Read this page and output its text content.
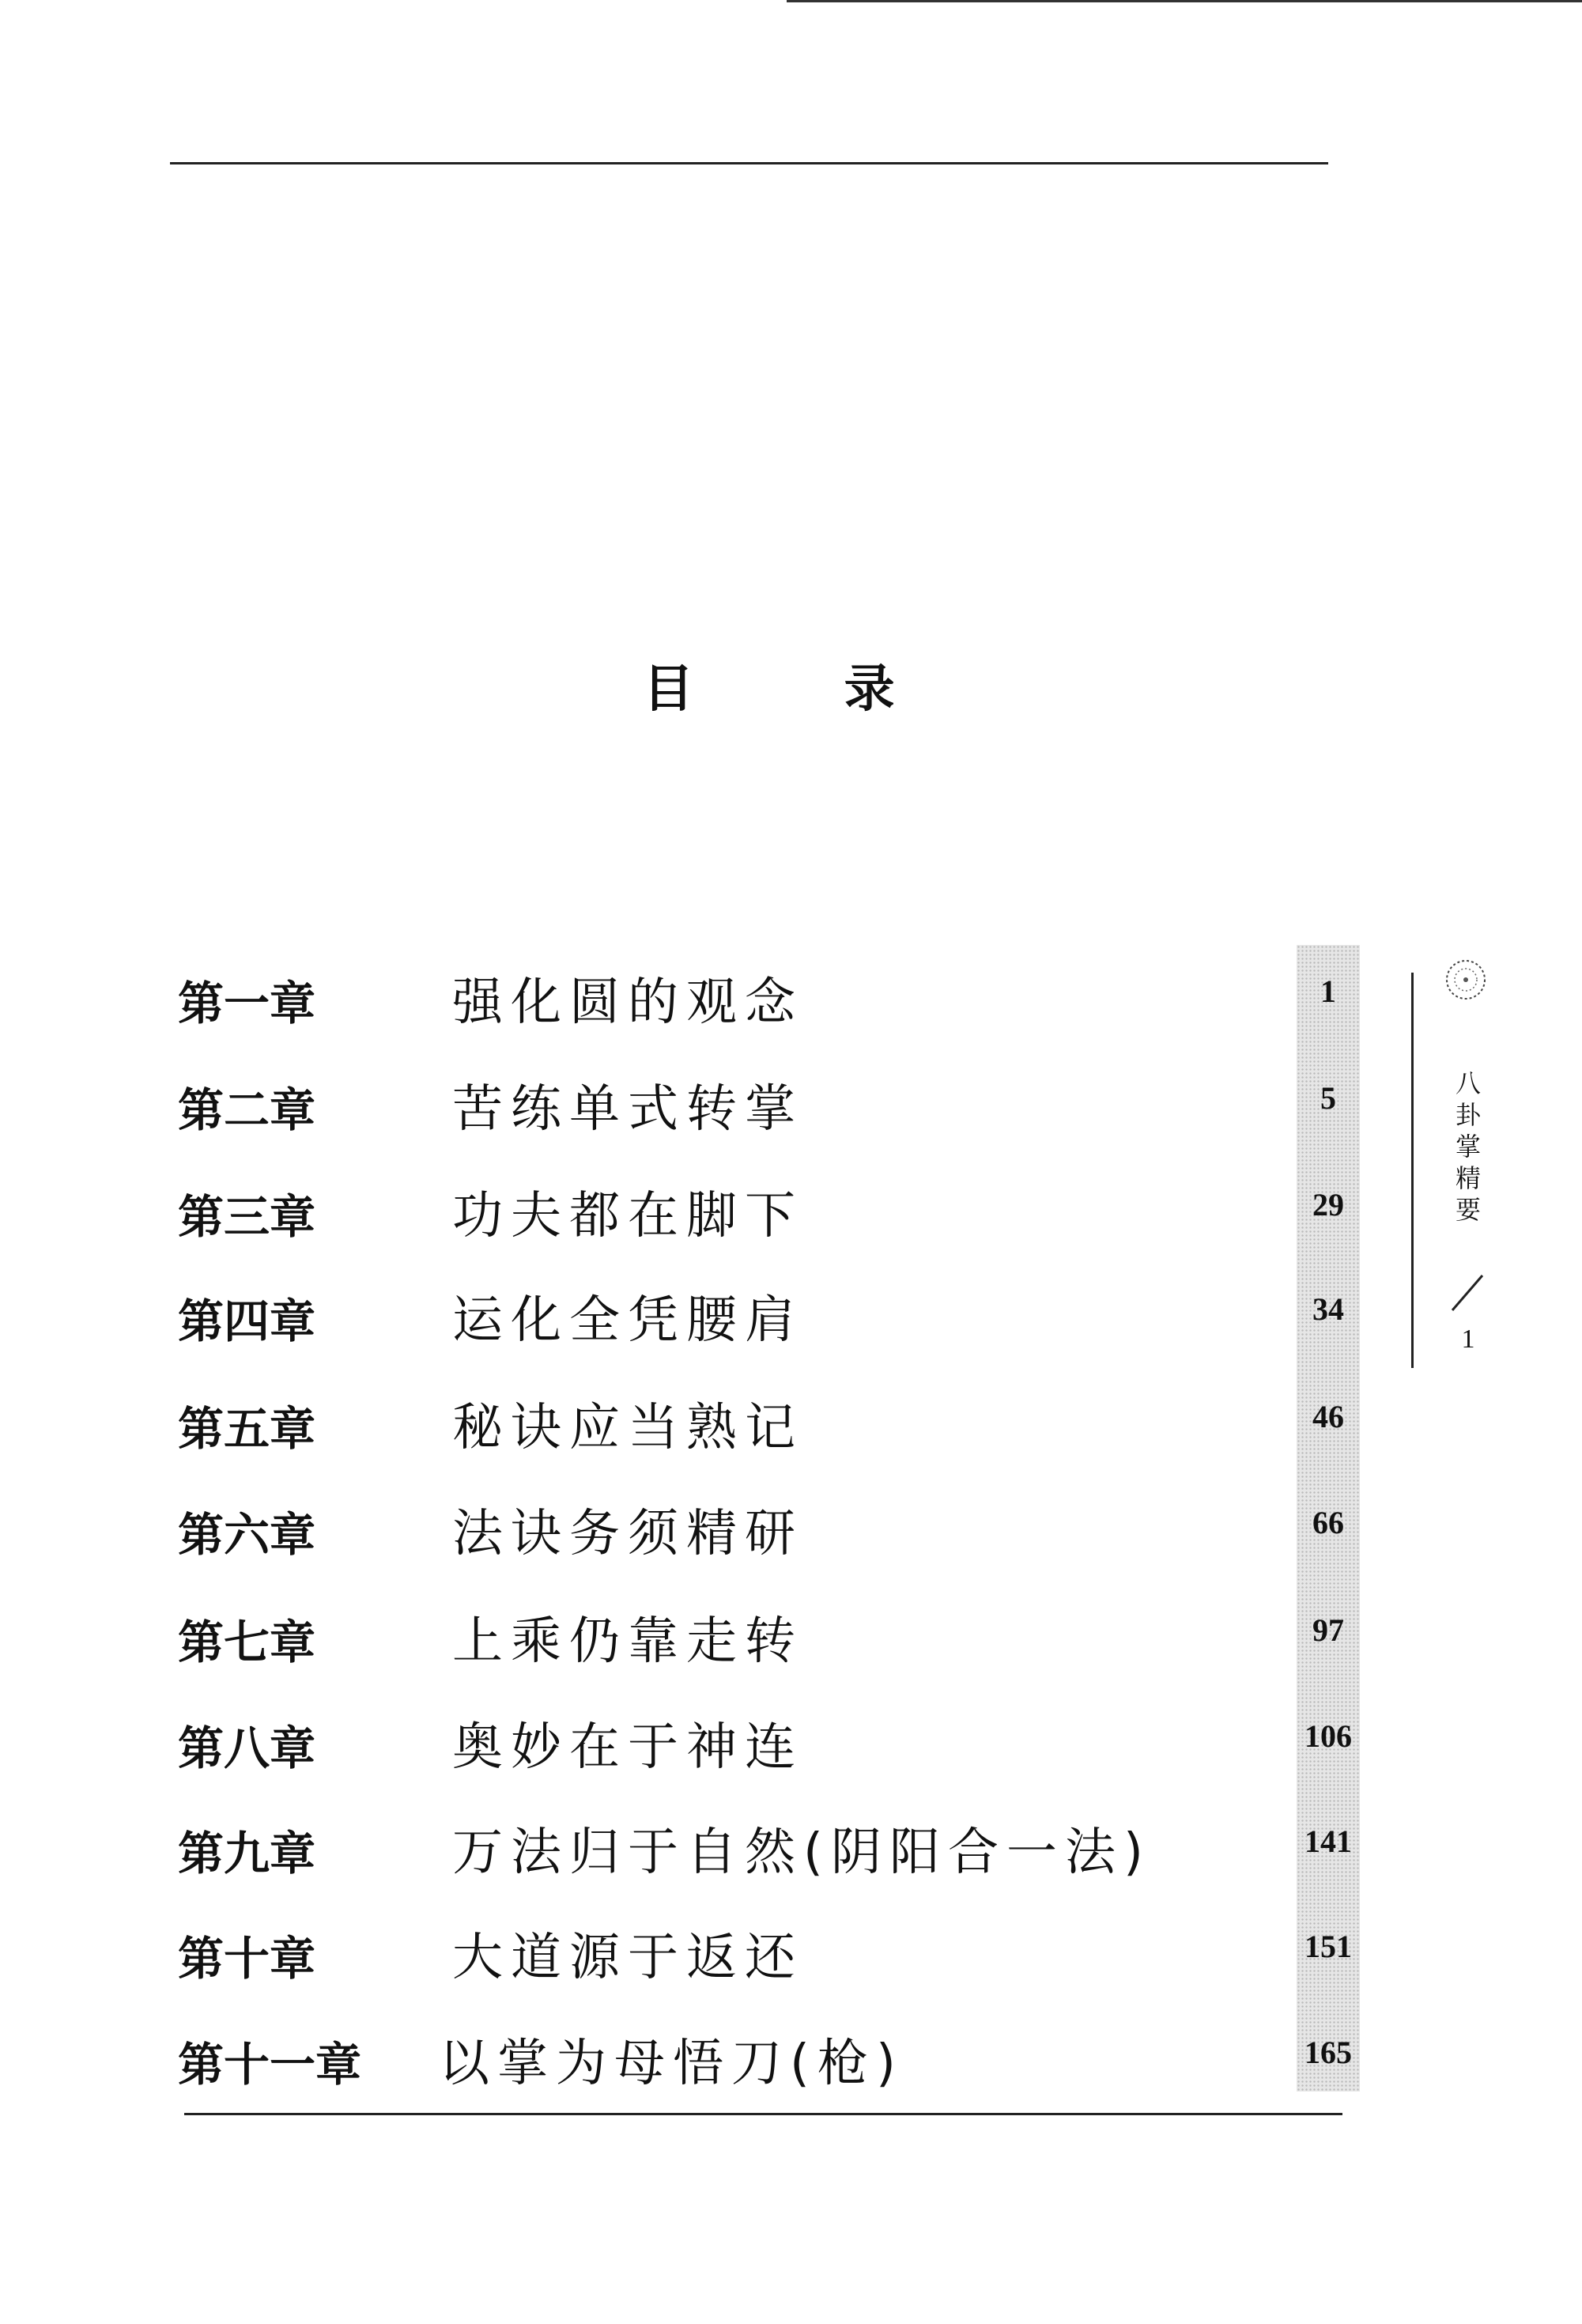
目 录
第一章	强化圆的观念	1
第二章	苦练单式转掌	5
第三章	功夫都在脚下	29
第四章	运化全凭腰肩	34
第五章	秘诀应当熟记	46
第六章	法诀务须精研	66
第七章	上乘仍靠走转	97
第八章	奥妙在于神连	106
第九章	万法归于自然(阴阳合一法)	141
第十章	大道源于返还	151
第十一章 以掌为母悟刀(枪)	165
八卦掌精要
1
